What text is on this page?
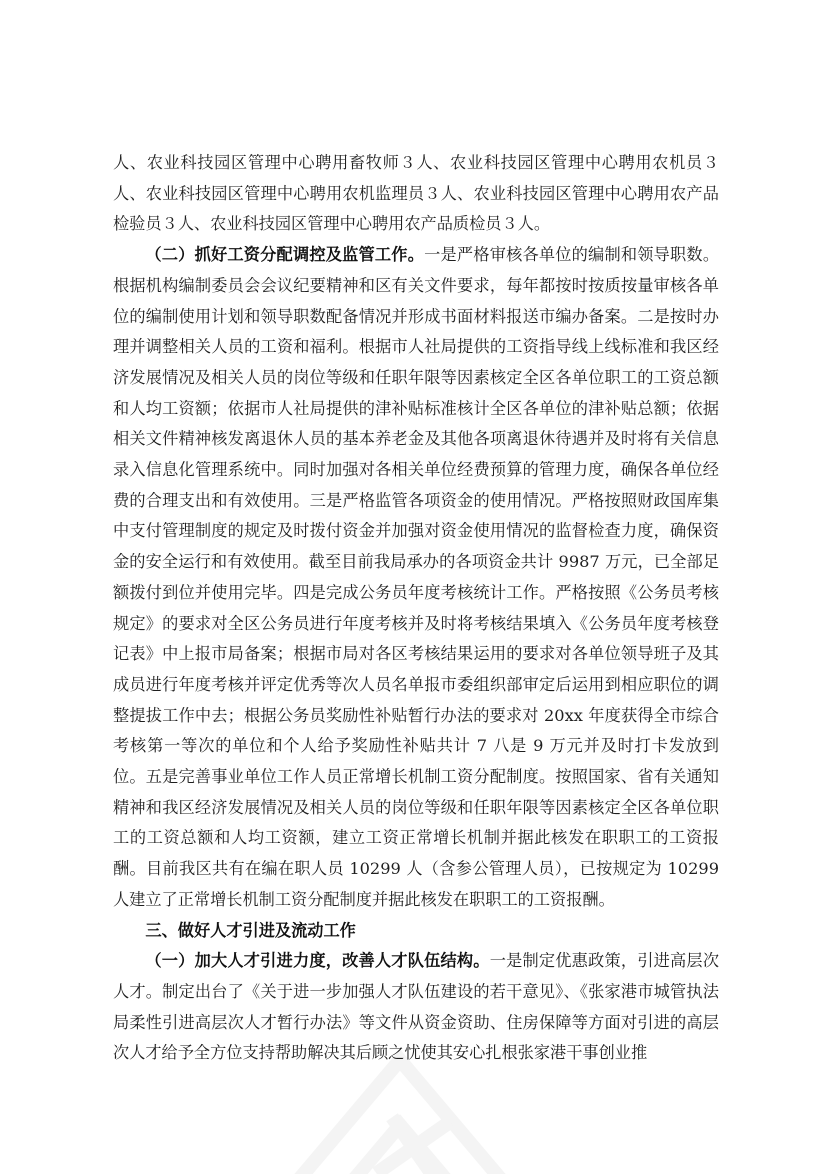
人、农业科技园区管理中心聘用畜牧师３人、农业科技园区管理中心聘用农机员３人、农业科技园区管理中心聘用农机监理员３人、农业科技园区管理中心聘用农产品检验员３人、农业科技园区管理中心聘用农产品质检员３人。

（二）抓好工资分配调控及监管工作。一是严格审核各单位的编制和领导职数。根据机构编制委员会会议纪要精神和区有关文件要求，每年都按时按质按量审核各单位的编制使用计划和领导职数配备情况并形成书面材料报送市编办备案。二是按时办理并调整相关人员的工资和福利。根据市人社局提供的工资指导线上线标准和我区经济发展情况及相关人员的岗位等级和任职年限等因素核定全区各单位职工的工资总额和人均工资额；依据市人社局提供的津补贴标准核计全区各单位的津补贴总额；依据相关文件精神核发离退休人员的基本养老金及其他各项离退休待遇并及时将有关信息录入信息化管理系统中。同时加强对各相关单位经费预算的管理力度，确保各单位经费的合理支出和有效使用。三是严格监管各项资金的使用情况。严格按照财政国库集中支付管理制度的规定及时拨付资金并加强对资金使用情况的监督检查力度，确保资金的安全运行和有效使用。截至目前我局承办的各项资金共计 9987 万元，已全部足额拨付到位并使用完毕。四是完成公务员年度考核统计工作。严格按照《公务员考核规定》的要求对全区公务员进行年度考核并及时将考核结果填入《公务员年度考核登记表》中上报市局备案；根据市局对各区考核结果运用的要求对各单位领导班子及其成员进行年度考核并评定优秀等次人员名单报市委组织部审定后运用到相应职位的调整提拔工作中去；根据公务员奖励性补贴暂行办法的要求对 20xx 年度获得全市综合考核第一等次的单位和个人给予奖励性补贴共计 7 八是 9 万元并及时打卡发放到位。五是完善事业单位工作人员正常增长机制工资分配制度。按照国家、省有关通知精神和我区经济发展情况及相关人员的岗位等级和任职年限等因素核定全区各单位职工的工资总额和人均工资额，建立工资正常增长机制并据此核发在职职工的工资报酬。目前我区共有在编在职人员 10299 人（含参公管理人员），已按规定为 10299 人建立了正常增长机制工资分配制度并据此核发在职职工的工资报酬。

三、做好人才引进及流动工作

（一）加大人才引进力度，改善人才队伍结构。一是制定优惠政策，引进高层次人才。制定出台了《关于进一步加强人才队伍建设的若干意见》、《张家港市城管执法局柔性引进高层次人才暂行办法》等文件从资金资助、住房保障等方面对引进的高层次人才给予全方位支持帮助解决其后顾之忧使其安心扎根张家港干事创业推
